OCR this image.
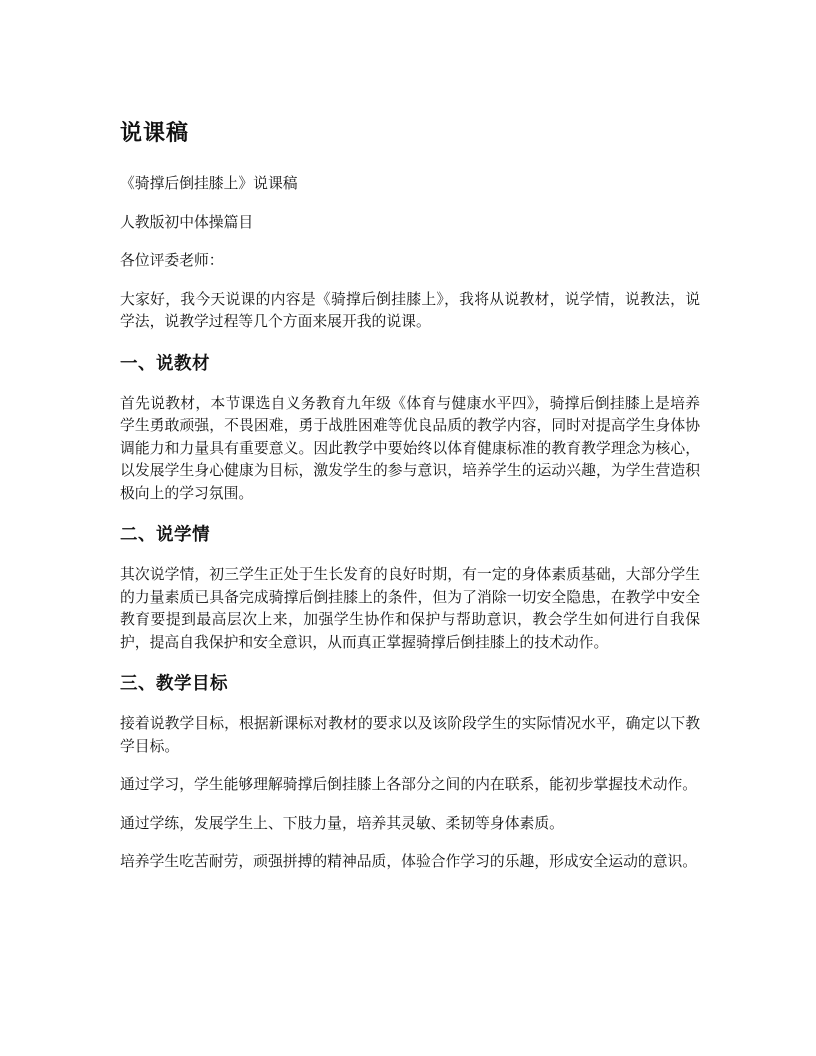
说课稿

《骑撑后倒挂膝上》说课稿

人教版初中体操篇目

各位评委老师：

大家好，我今天说课的内容是《骑撑后倒挂膝上》，我将从说教材，说学情，说教法，说学法，说教学过程等几个方面来展开我的说课。

一、说教材

首先说教材，本节课选自义务教育九年级《体育与健康水平四》，骑撑后倒挂膝上是培养学生勇敢顽强，不畏困难，勇于战胜困难等优良品质的教学内容，同时对提高学生身体协调能力和力量具有重要意义。因此教学中要始终以体育健康标准的教育教学理念为核心，以发展学生身心健康为目标，激发学生的参与意识，培养学生的运动兴趣，为学生营造积极向上的学习氛围。

二、说学情

其次说学情，初三学生正处于生长发育的良好时期，有一定的身体素质基础，大部分学生的力量素质已具备完成骑撑后倒挂膝上的条件，但为了消除一切安全隐患，在教学中安全教育要提到最高层次上来，加强学生协作和保护与帮助意识，教会学生如何进行自我保护，提高自我保护和安全意识，从而真正掌握骑撑后倒挂膝上的技术动作。

三、教学目标

接着说教学目标，根据新课标对教材的要求以及该阶段学生的实际情况水平，确定以下教学目标。

通过学习，学生能够理解骑撑后倒挂膝上各部分之间的内在联系，能初步掌握技术动作。

通过学练，发展学生上、下肢力量，培养其灵敏、柔韧等身体素质。

培养学生吃苦耐劳，顽强拼搏的精神品质，体验合作学习的乐趣，形成安全运动的意识。
